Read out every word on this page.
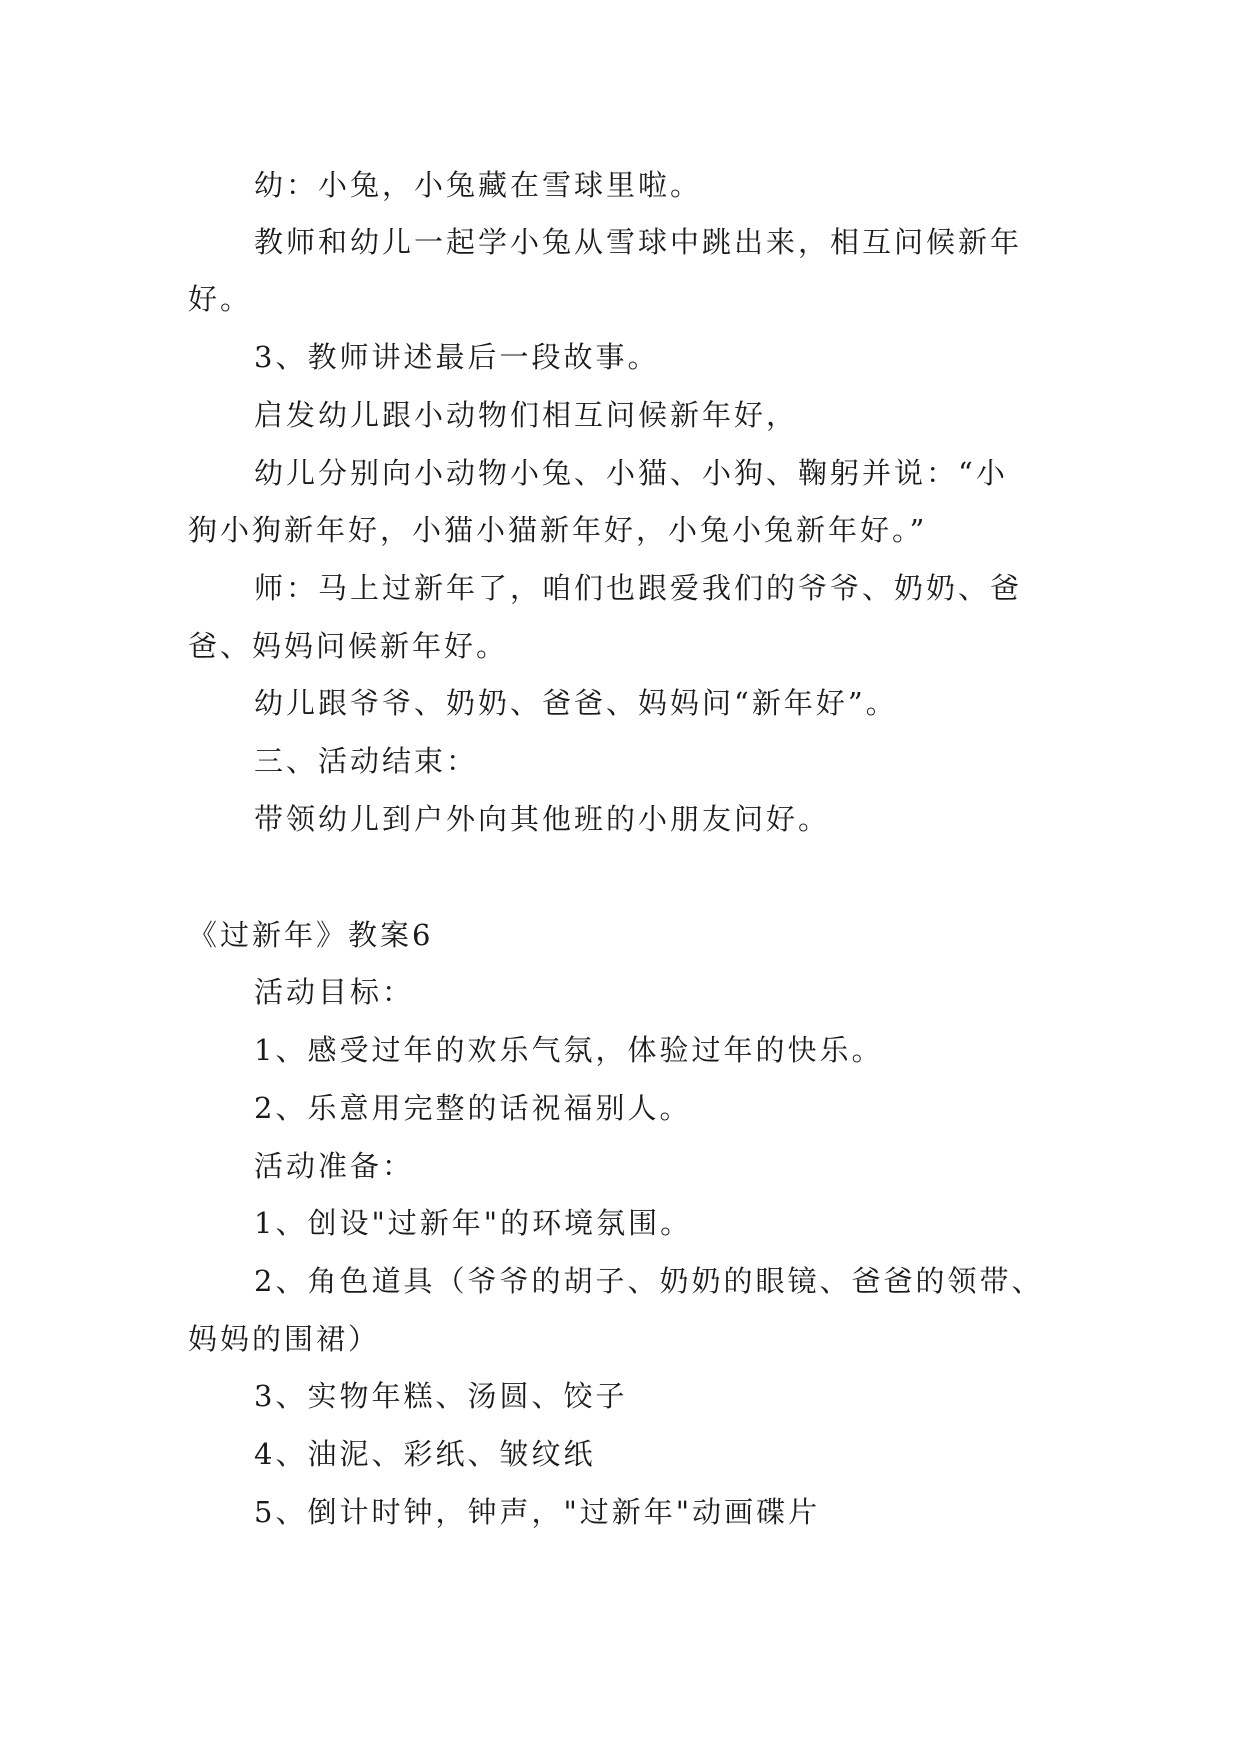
幼：小兔，小兔藏在雪球里啦。
教师和幼儿一起学小兔从雪球中跳出来，相互问候新年
好。
3、教师讲述最后一段故事。
启发幼儿跟小动物们相互问候新年好，
幼儿分别向小动物小兔、小猫、小狗、鞠躬并说：“小
狗小狗新年好，小猫小猫新年好，小兔小兔新年好。”
师：马上过新年了，咱们也跟爱我们的爷爷、奶奶、爸
爸、妈妈问候新年好。
幼儿跟爷爷、奶奶、爸爸、妈妈问“新年好”。
三、活动结束：
带领幼儿到户外向其他班的小朋友问好。
《过新年》教案6
活动目标：
1、感受过年的欢乐气氛，体验过年的快乐。
2、乐意用完整的话祝福别人。
活动准备：
1、创设"过新年"的环境氛围。
2、角色道具（爷爷的胡子、奶奶的眼镜、爸爸的领带、
妈妈的围裙）
3、实物年糕、汤圆、饺子
4、油泥、彩纸、皱纹纸
5、倒计时钟，钟声，"过新年"动画碟片
